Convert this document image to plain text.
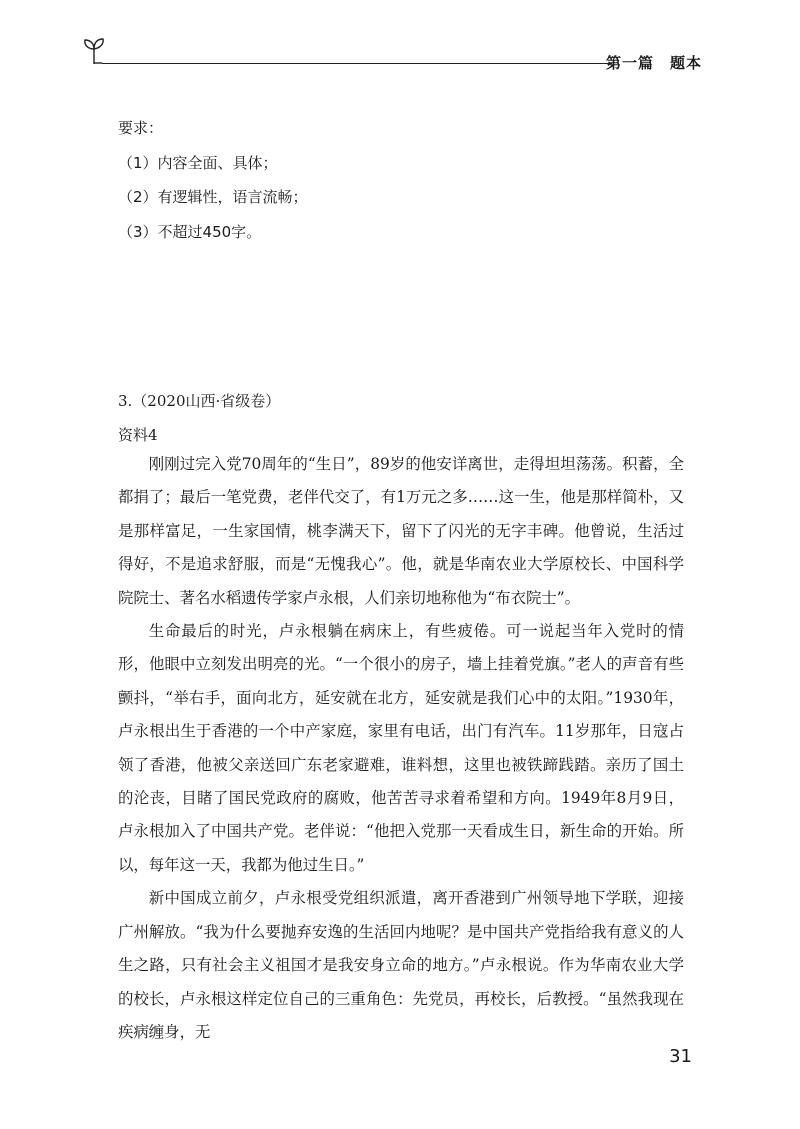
第一篇　题本
要求：
（1）内容全面、具体；
（2）有逻辑性，语言流畅；
（3）不超过450字。
3.（2020山西·省级卷）
资料4

刚刚过完入党70周年的“生日”，89岁的他安详离世，走得坦坦荡荡。积蓄，全都捐了；最后一笔党费，老伴代交了，有1万元之多……这一生，他是那样简朴，又是那样富足，一生家国情，桃李满天下，留下了闪光的无字丰碑。他曾说，生活过得好，不是追求舒服，而是“无愧我心”。他，就是华南农业大学原校长、中国科学院院士、著名水稻遗传学家卢永根，人们亲切地称他为“布衣院士”。

生命最后的时光，卢永根躺在病床上，有些疲倦。可一说起当年入党时的情形，他眼中立刻发出明亮的光。“一个很小的房子，墙上挂着党旗。”老人的声音有些颤抖，“举右手，面向北方，延安就在北方，延安就是我们心中的太阳。”1930年，卢永根出生于香港的一个中产家庭，家里有电话，出门有汽车。11岁那年，日寇占领了香港，他被父亲送回广东老家避难，谁料想，这里也被铁蹄践踏。亲历了国土的沦丧，目睹了国民党政府的腐败，他苦苦寻求着希望和方向。1949年8月9日，卢永根加入了中国共产党。老伴说：“他把入党那一天看成生日，新生命的开始。所以，每年这一天，我都为他过生日。”

新中国成立前夕，卢永根受党组织派遣，离开香港到广州领导地下学联，迎接广州解放。“我为什么要抛弃安逸的生活回内地呢？是中国共产党指给我有意义的人生之路，只有社会主义祖国才是我安身立命的地方。”卢永根说。作为华南农业大学的校长，卢永根这样定位自己的三重角色：先党员，再校长，后教授。“虽然我现在疾病缠身，无

31
